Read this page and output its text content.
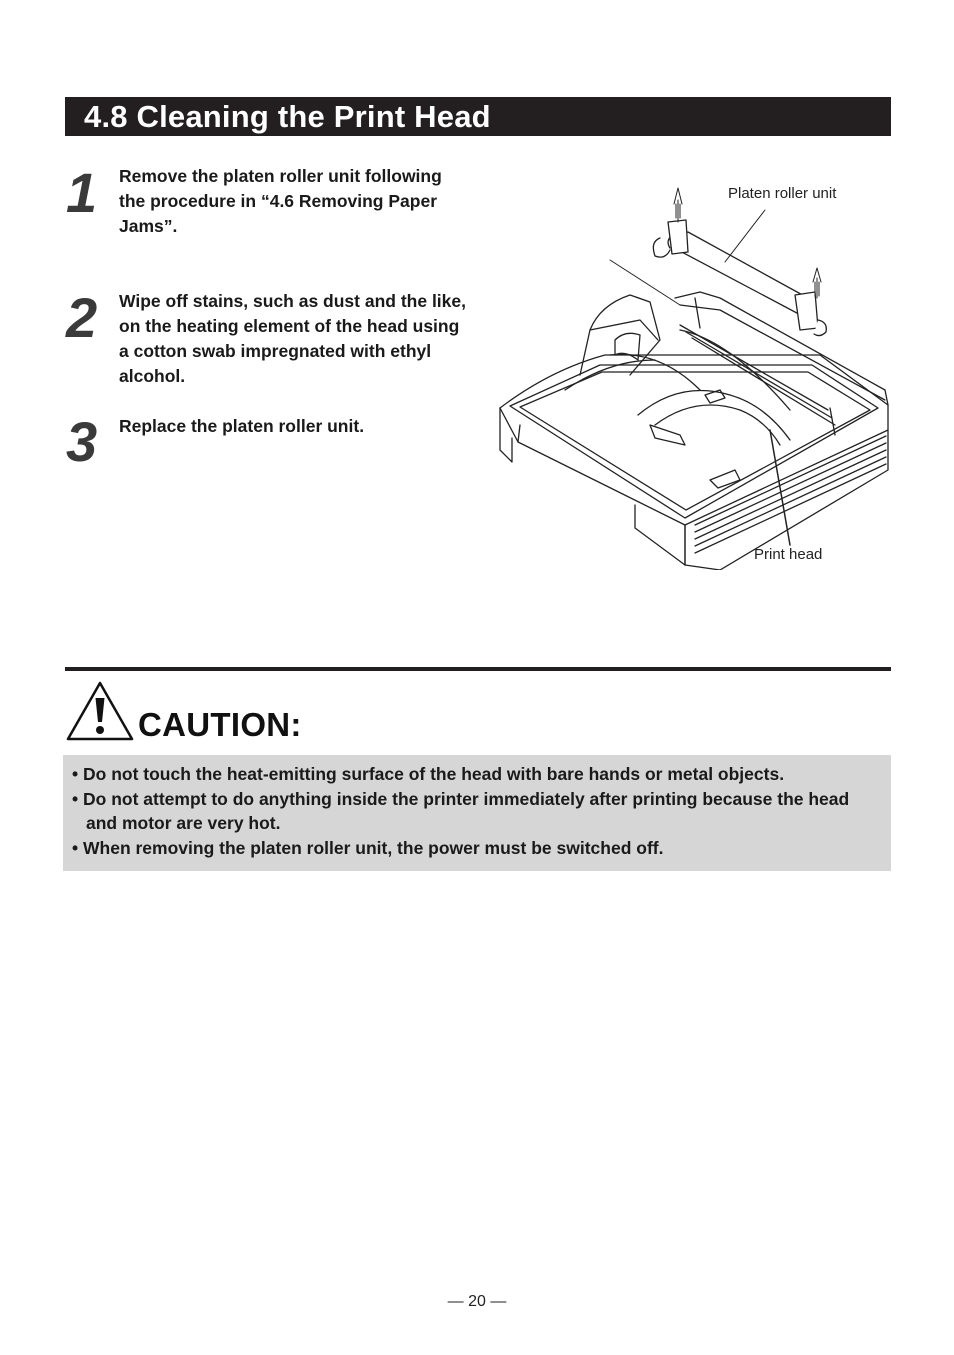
4.8 Cleaning the Print Head
1 Remove the platen roller unit following the procedure in “4.6 Removing Paper Jams”.
2 Wipe off stains, such as dust and the like, on the heating element of the head using a cotton swab impregnated with ethyl alcohol.
3 Replace the platen roller unit.
Platen roller unit
Print head
CAUTION:
• Do not touch the heat-emitting surface of the head with bare hands or metal objects.
• Do not attempt to do anything inside the printer immediately after printing because the head and motor are very hot.
• When removing the platen roller unit, the power must be switched off.
— 20 —
